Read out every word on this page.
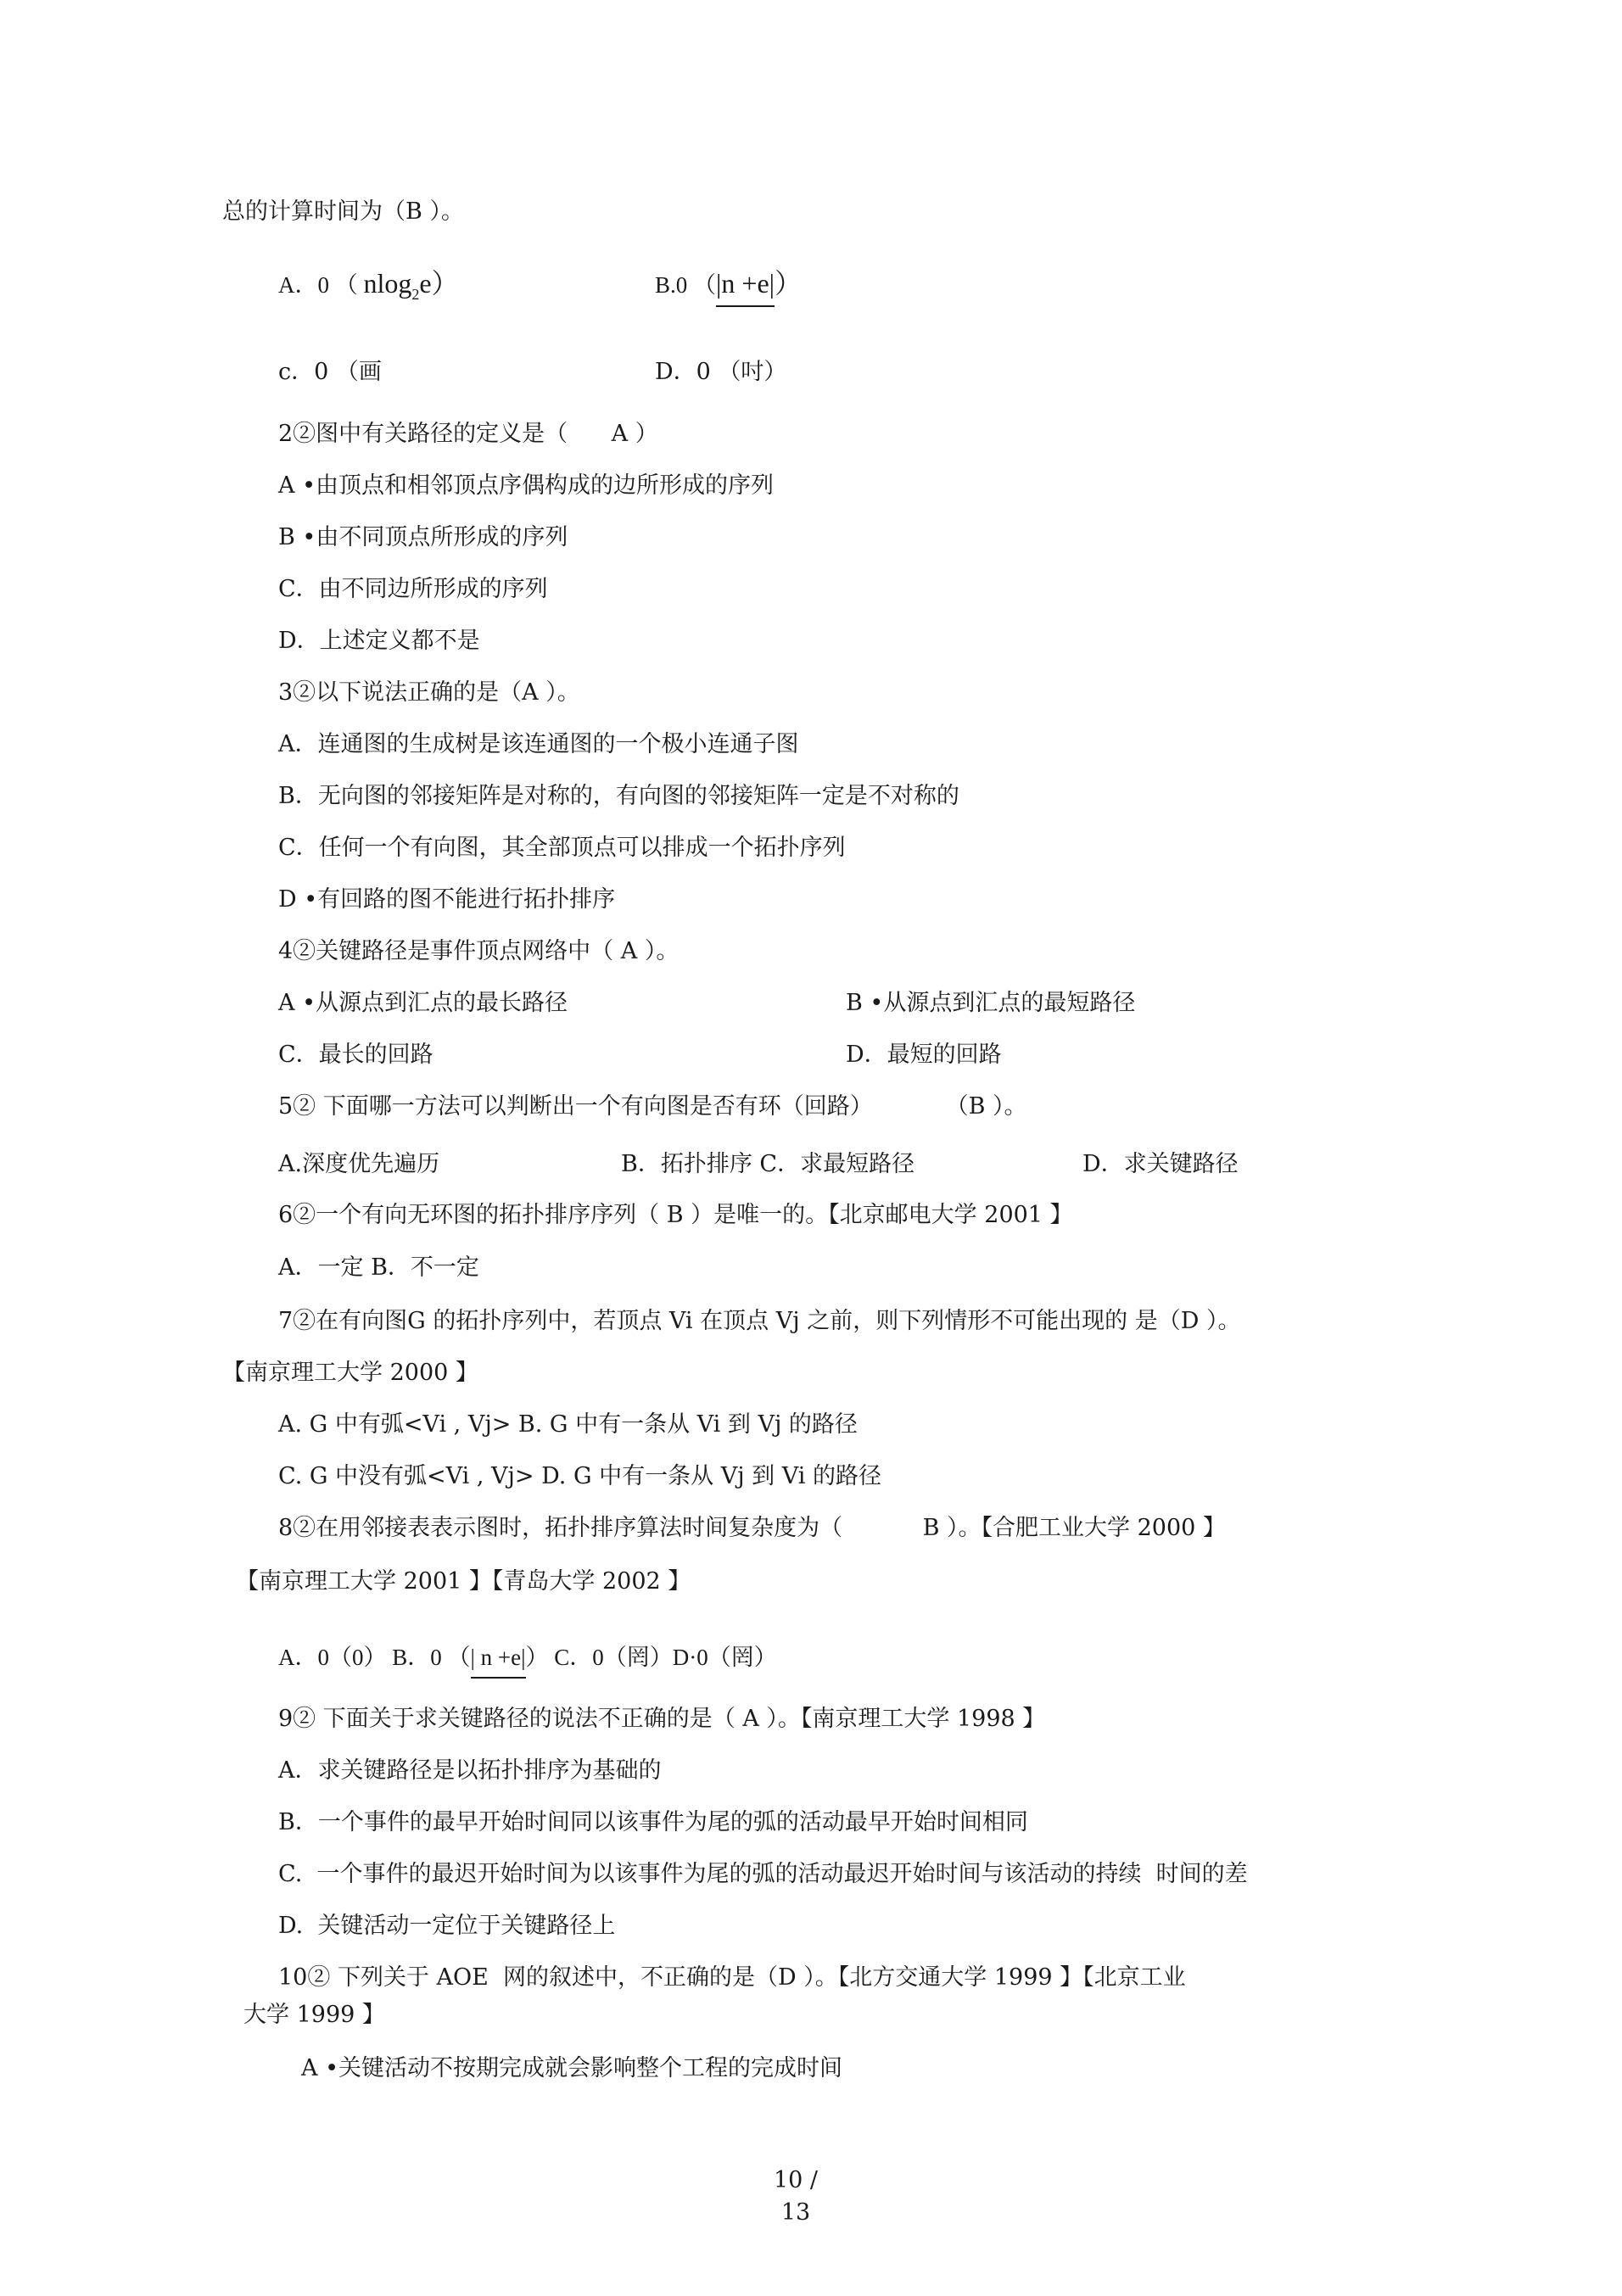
总的计算时间为（B ）。
A．0 （ nlog$_2$e）	B.0 （|n +e|）
c．0 （画	D．0 （吋）
2②图中有关路径的定义是（      A ）
A •由顶点和相邻顶点序偶构成的边所形成的序列
B •由不同顶点所形成的序列
C．由不同边所形成的序列
D．上述定义都不是
3②以下说法正确的是（A ）。
A．连通图的生成树是该连通图的一个极小连通子图
B．无向图的邻接矩阵是对称的，有向图的邻接矩阵一定是不对称的
C．任何一个有向图，其全部顶点可以排成一个拓扑序列
D •有回路的图不能进行拓扑排序
4②关键路径是事件顶点网络中（ A ）。
A •从源点到汇点的最长路径	B •从源点到汇点的最短路径
C．最长的回路	D．最短的回路
5② 下面哪一方法可以判断出一个有向图是否有环（回路）          （B ）。
A.深度优先遍历	B．拓扑排序 C．求最短路径	D．求关键路径
6②一个有向无环图的拓扑排序序列（ B ）是唯一的。【北京邮电大学 2001 】
A．一定 B．不一定
7②在有向图G 的拓扑序列中，若顶点 Vi 在顶点 Vj 之前，则下列情形不可能出现的 是（D ）。
【南京理工大学 2000 】
A. G 中有弧<Vi , Vj> B. G 中有一条从 Vi 到 Vj 的路径
C. G 中没有弧<Vi , Vj> D. G 中有一条从 Vj 到 Vi 的路径
8②在用邻接表表示图时，拓扑排序算法时间复杂度为（           B ）。【合肥工业大学 2000 】
【南京理工大学 2001 】【青岛大学 2002 】
A．0（0） B．0 （| n +e|） C．0（罔）D·0（罔）
9② 下面关于求关键路径的说法不正确的是（ A ）。【南京理工大学 1998 】
A．求关键路径是以拓扑排序为基础的
B．一个事件的最早开始时间同以该事件为尾的弧的活动最早开始时间相同
C.  一个事件的最迟开始时间为以该事件为尾的弧的活动最迟开始时间与该活动的持续  时间的差
D.  关键活动一定位于关键路径上
10② 下列关于 AOE  网的叙述中，不正确的是（D ）。【北方交通大学 1999 】【北京工业
大学 1999 】
A •关键活动不按期完成就会影响整个工程的完成时间
10 /
13
